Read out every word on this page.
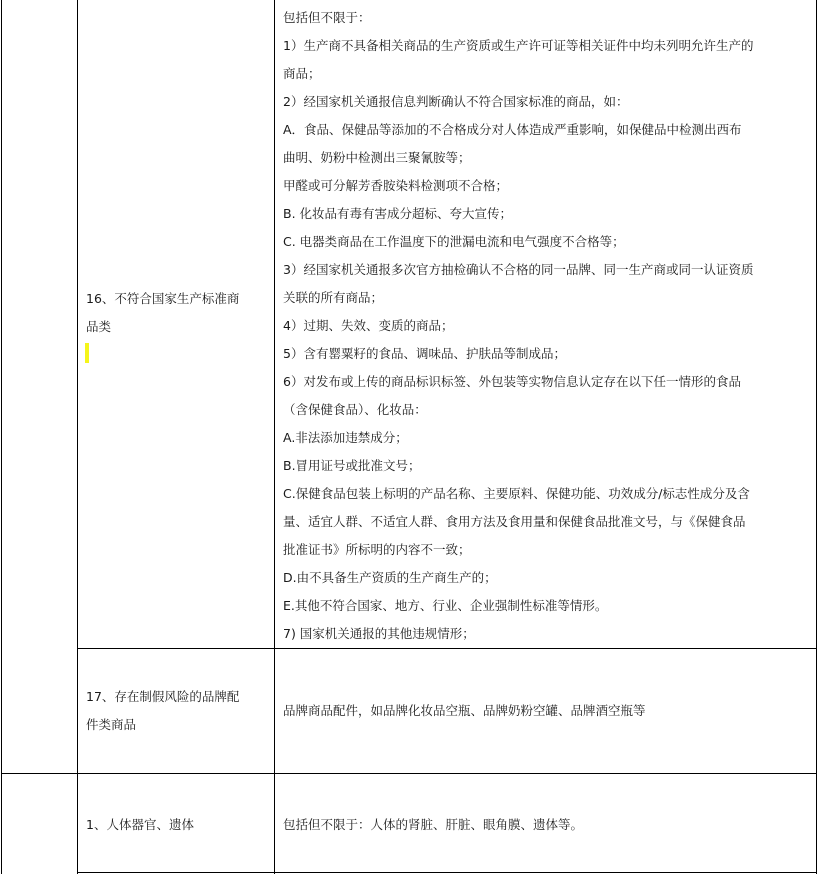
16、不符合国家生产标准商
品类
包括但不限于：
1）生产商不具备相关商品的生产资质或生产许可证等相关证件中均未列明允许生产的
商品；
2）经国家机关通报信息判断确认不符合国家标准的商品，如：
A．食品、保健品等添加的不合格成分对人体造成严重影响，如保健品中检测出西布
曲明、奶粉中检测出三聚氰胺等；
甲醛或可分解芳香胺染料检测项不合格；
B. 化妆品有毒有害成分超标、夸大宣传；
C. 电器类商品在工作温度下的泄漏电流和电气强度不合格等；
3）经国家机关通报多次官方抽检确认不合格的同一品牌、同一生产商或同一认证资质
关联的所有商品；
4）过期、失效、变质的商品；
5）含有罂粟籽的食品、调味品、护肤品等制成品；
6）对发布或上传的商品标识标签、外包装等实物信息认定存在以下任一情形的食品
（含保健食品）、化妆品：
A.非法添加违禁成分；
B.冒用证号或批准文号；
C.保健食品包装上标明的产品名称、主要原料、保健功能、功效成分/标志性成分及含
量、适宜人群、不适宜人群、食用方法及食用量和保健食品批准文号，与《保健食品
批准证书》所标明的内容不一致；
D.由不具备生产资质的生产商生产的；
E.其他不符合国家、地方、行业、企业强制性标准等情形。
7) 国家机关通报的其他违规情形；
17、存在制假风险的品牌配
件类商品
品牌商品配件，如品牌化妆品空瓶、品牌奶粉空罐、品牌酒空瓶等
1、人体器官、遗体	包括但不限于：人体的肾脏、肝脏、眼角膜、遗体等。
